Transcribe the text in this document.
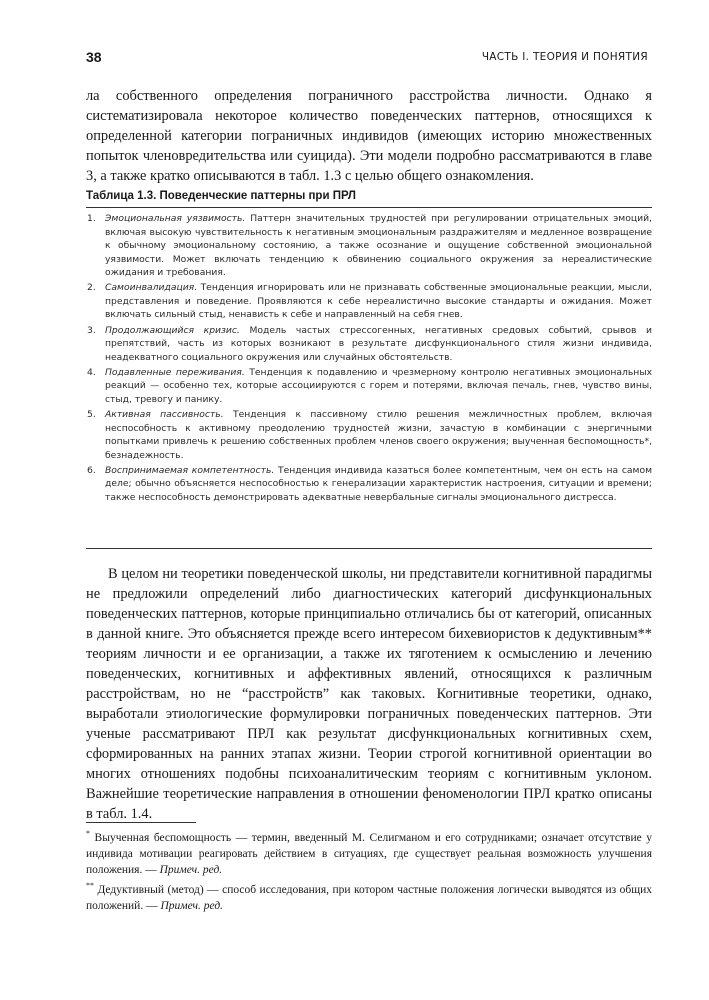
38	ЧАСТЬ I. ТЕОРИЯ И ПОНЯТИЯ

ла собственного определения пограничного расстройства личности. Однако я систематизировала некоторое количество поведенческих паттернов, относящихся к определенной категории пограничных индивидов (имеющих историю множественных попыток членовредительства или суицида). Эти модели подробно рассматриваются в главе 3, а также кратко описываются в табл. 1.3 с целью общего ознакомления.

Таблица 1.3. Поведенческие паттерны при ПРЛ
1. Эмоциональная уязвимость. Паттерн значительных трудностей при регулировании отрицательных эмоций, включая высокую чувствительность к негативным эмоциональным раздражителям и медленное возвращение к обычному эмоциональному состоянию, а также осознание и ощущение собственной эмоциональной уязвимости. Может включать тенденцию к обвинению социального окружения за нереалистические ожидания и требования.
2. Самоинвалидация. Тенденция игнорировать или не признавать собственные эмоциональные реакции, мысли, представления и поведение. Проявляются к себе нереалистично высокие стандарты и ожидания. Может включать сильный стыд, ненависть к себе и направленный на себя гнев.
3. Продолжающийся кризис. Модель частых стрессогенных, негативных средовых событий, срывов и препятствий, часть из которых возникают в результате дисфункционального стиля жизни индивида, неадекватного социального окружения или случайных обстоятельств.
4. Подавленные переживания. Тенденция к подавлению и чрезмерному контролю негативных эмоциональных реакций — особенно тех, которые ассоциируются с горем и потерями, включая печаль, гнев, чувство вины, стыд, тревогу и панику.
5. Активная пассивность. Тенденция к пассивному стилю решения межличностных проблем, включая неспособность к активному преодолению трудностей жизни, зачастую в комбинации с энергичными попытками привлечь к решению собственных проблем членов своего окружения; выученная беспомощность*, безнадежность.
6. Воспринимаемая компетентность. Тенденция индивида казаться более компетентным, чем он есть на самом деле; обычно объясняется неспособностью к генерализации характеристик настроения, ситуации и времени; также неспособность демонстрировать адекватные невербальные сигналы эмоционального дистресса.

В целом ни теоретики поведенческой школы, ни представители когнитивной парадигмы не предложили определений либо диагностических категорий дисфункциональных поведенческих паттернов, которые принципиально отличались бы от категорий, описанных в данной книге. Это объясняется прежде всего интересом бихевиористов к дедуктивным** теориям личности и ее организации, а также их тяготением к осмыслению и лечению поведенческих, когнитивных и аффективных явлений, относящихся к различным расстройствам, но не “расстройств” как таковых. Когнитивные теоретики, однако, выработали этиологические формулировки пограничных поведенческих паттернов. Эти ученые рассматривают ПРЛ как результат дисфункциональных когнитивных схем, сформированных на ранних этапах жизни. Теории строгой когнитивной ориентации во многих отношениях подобны психоаналитическим теориям с когнитивным уклоном. Важнейшие теоретические направления в отношении феноменологии ПРЛ кратко описаны в табл. 1.4.

* Выученная беспомощность — термин, введенный М. Селигманом и его сотрудниками; означает отсутствие у индивида мотивации реагировать действием в ситуациях, где существует реальная возможность улучшения положения. — Примеч. ред.

** Дедуктивный (метод) — способ исследования, при котором частные положения логически выводятся из общих положений. — Примеч. ред.
